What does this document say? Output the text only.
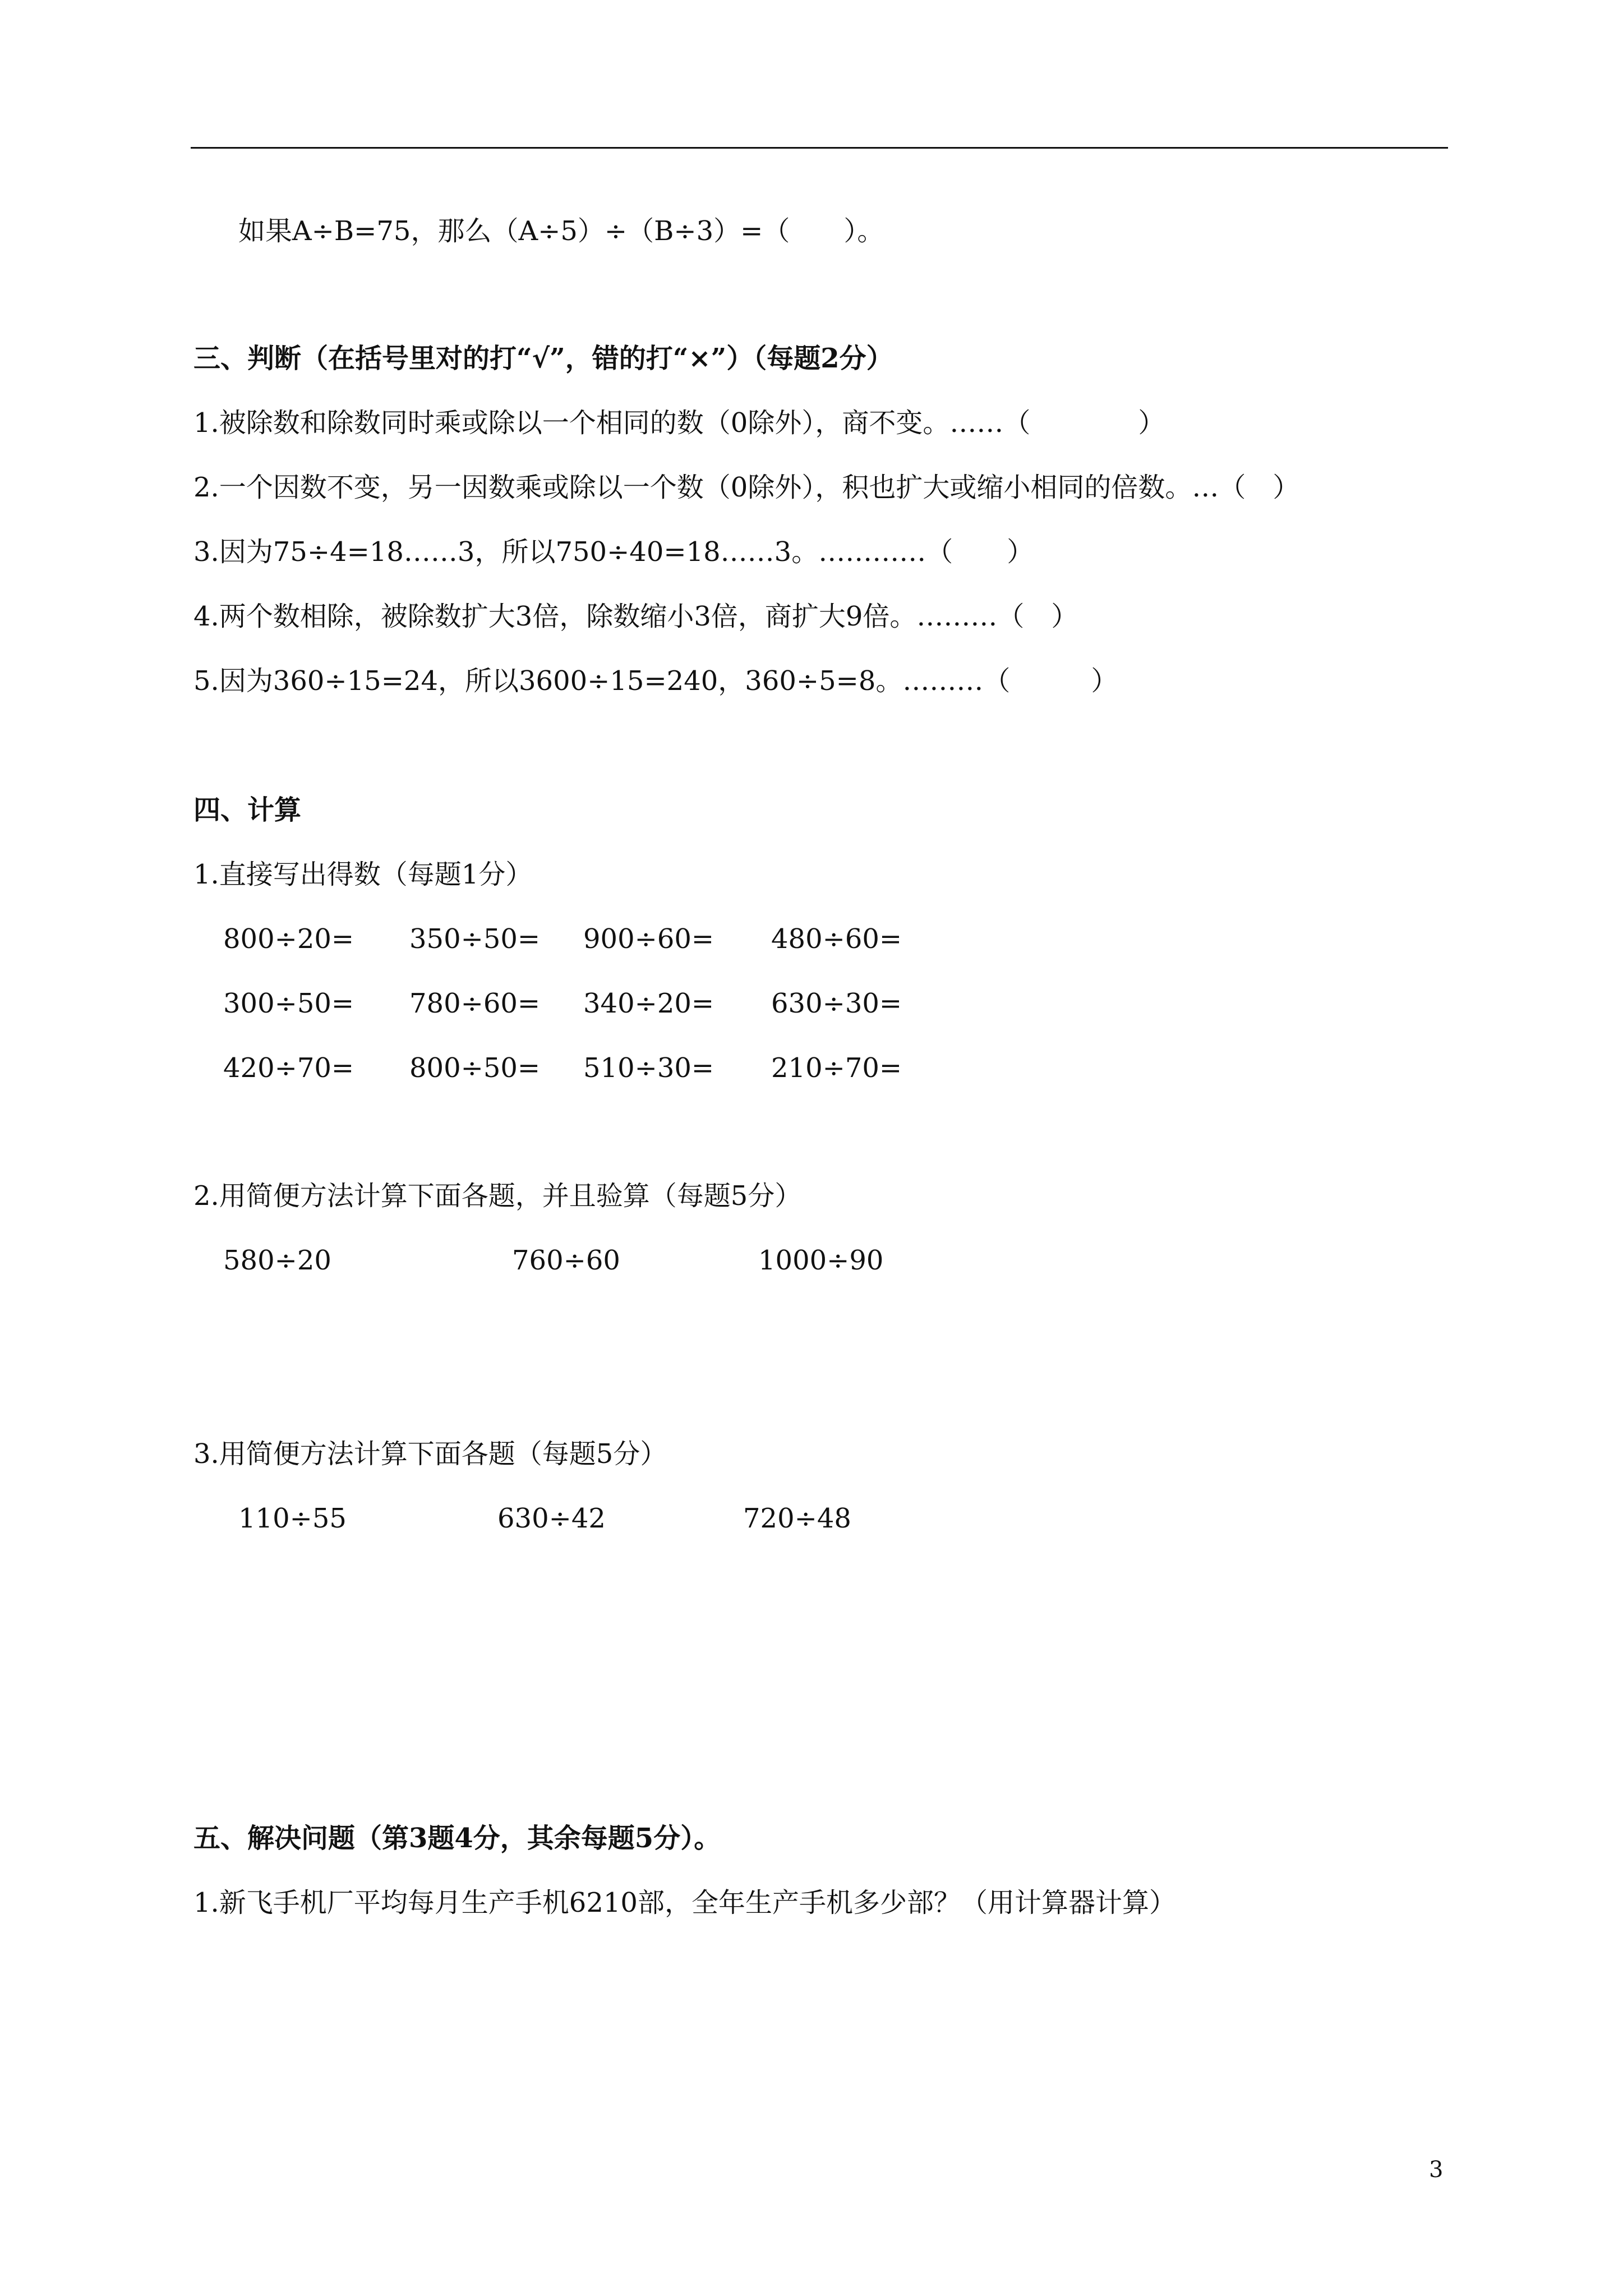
如果A÷B=75，那么（A÷5）÷（B÷3）=（　　）。
三、判断（在括号里对的打“√”，错的打“×”）（每题2分）
1.被除数和除数同时乘或除以一个相同的数（0除外），商不变。……（　　　　）
2.一个因数不变，另一因数乘或除以一个数（0除外），积也扩大或缩小相同的倍数。…（　）
3.因为75÷4=18……3，所以750÷40=18……3。…………（　　）
4.两个数相除，被除数扩大3倍，除数缩小3倍，商扩大9倍。………（　）
5.因为360÷15=24，所以3600÷15=240，360÷5=8。………（　　　）
四、计算
1.直接写出得数（每题1分）
800÷20= 350÷50= 900÷60= 480÷60=
300÷50= 780÷60= 340÷20= 630÷30=
420÷70= 800÷50= 510÷30= 210÷70=
2.用简便方法计算下面各题，并且验算（每题5分）
580÷20	760÷60	1000÷90
3.用简便方法计算下面各题（每题5分）
110÷55	630÷42	720÷48
五、解决问题（第3题4分，其余每题5分）。
1.新飞手机厂平均每月生产手机6210部，全年生产手机多少部？（用计算器计算）
3
